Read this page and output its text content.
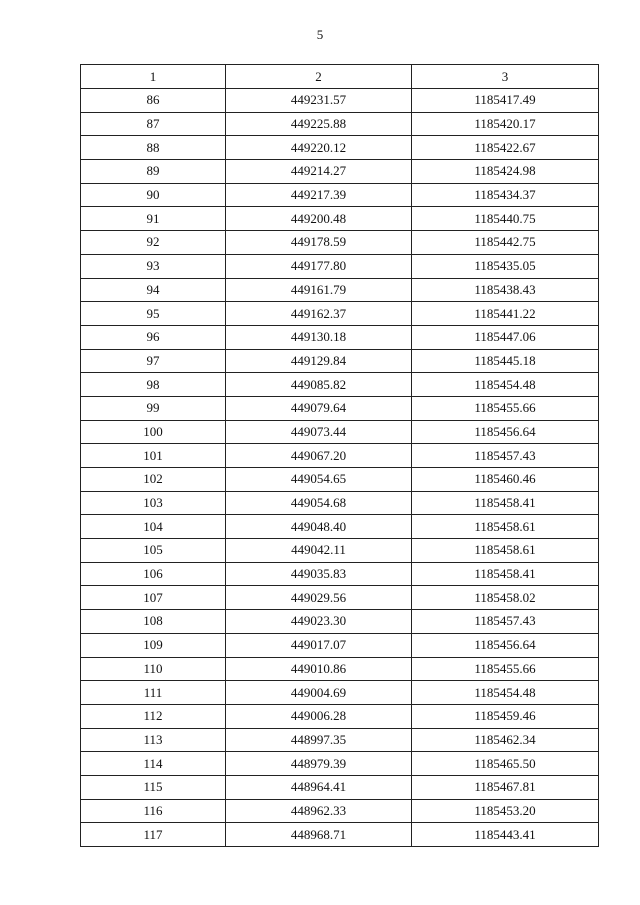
5
1	2	3
86	449231.57	1185417.49
87	449225.88	1185420.17
88	449220.12	1185422.67
89	449214.27	1185424.98
90	449217.39	1185434.37
91	449200.48	1185440.75
92	449178.59	1185442.75
93	449177.80	1185435.05
94	449161.79	1185438.43
95	449162.37	1185441.22
96	449130.18	1185447.06
97	449129.84	1185445.18
98	449085.82	1185454.48
99	449079.64	1185455.66
100	449073.44	1185456.64
101	449067.20	1185457.43
102	449054.65	1185460.46
103	449054.68	1185458.41
104	449048.40	1185458.61
105	449042.11	1185458.61
106	449035.83	1185458.41
107	449029.56	1185458.02
108	449023.30	1185457.43
109	449017.07	1185456.64
110	449010.86	1185455.66
111	449004.69	1185454.48
112	449006.28	1185459.46
113	448997.35	1185462.34
114	448979.39	1185465.50
115	448964.41	1185467.81
116	448962.33	1185453.20
117	448968.71	1185443.41
